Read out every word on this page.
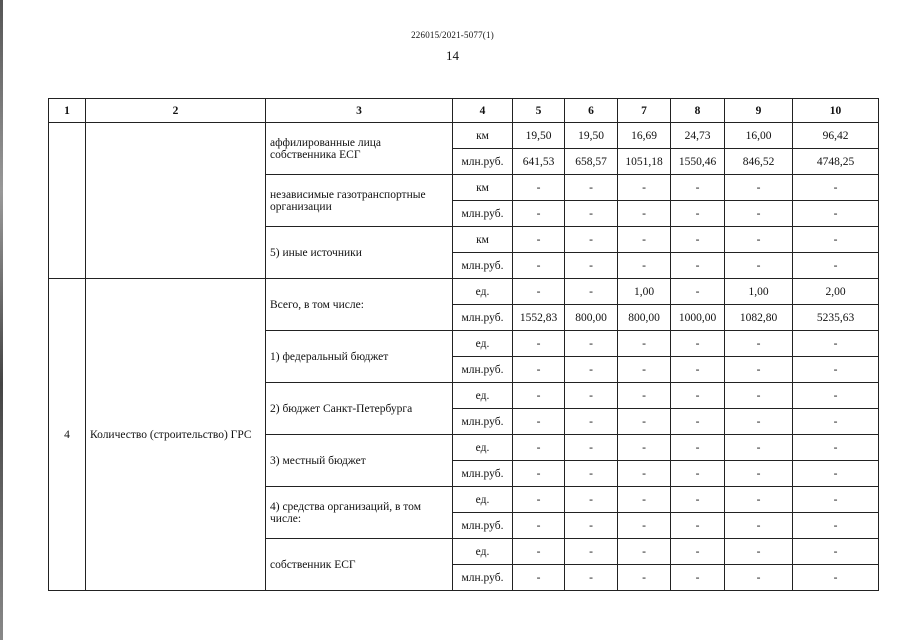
226015/2021-5077(1)
14
1	2	3	4	5	6	7	8	9	10
		аффилированные лица собственника ЕСГ	км	19,50	19,50	16,69	24,73	16,00	96,42
			млн.руб.	641,53	658,57	1051,18	1550,46	846,52	4748,25
		независимые газотранспортные организации	км	-	-	-	-	-	-
			млн.руб.	-	-	-	-	-	-
		5) иные источники	км	-	-	-	-	-	-
			млн.руб.	-	-	-	-	-	-
4	Количество (строительство) ГРС	Всего, в том числе:	ед.	-	-	1,00	-	1,00	2,00
			млн.руб.	1552,83	800,00	800,00	1000,00	1082,80	5235,63
		1) федеральный бюджет	ед.	-	-	-	-	-	-
			млн.руб.	-	-	-	-	-	-
		2) бюджет Санкт-Петербурга	ед.	-	-	-	-	-	-
			млн.руб.	-	-	-	-	-	-
		3) местный бюджет	ед.	-	-	-	-	-	-
			млн.руб.	-	-	-	-	-	-
		4) средства организаций, в том числе:	ед.	-	-	-	-	-	-
			млн.руб.	-	-	-	-	-	-
		собственник ЕСГ	ед.	-	-	-	-	-	-
			млн.руб.	-	-	-	-	-	-
